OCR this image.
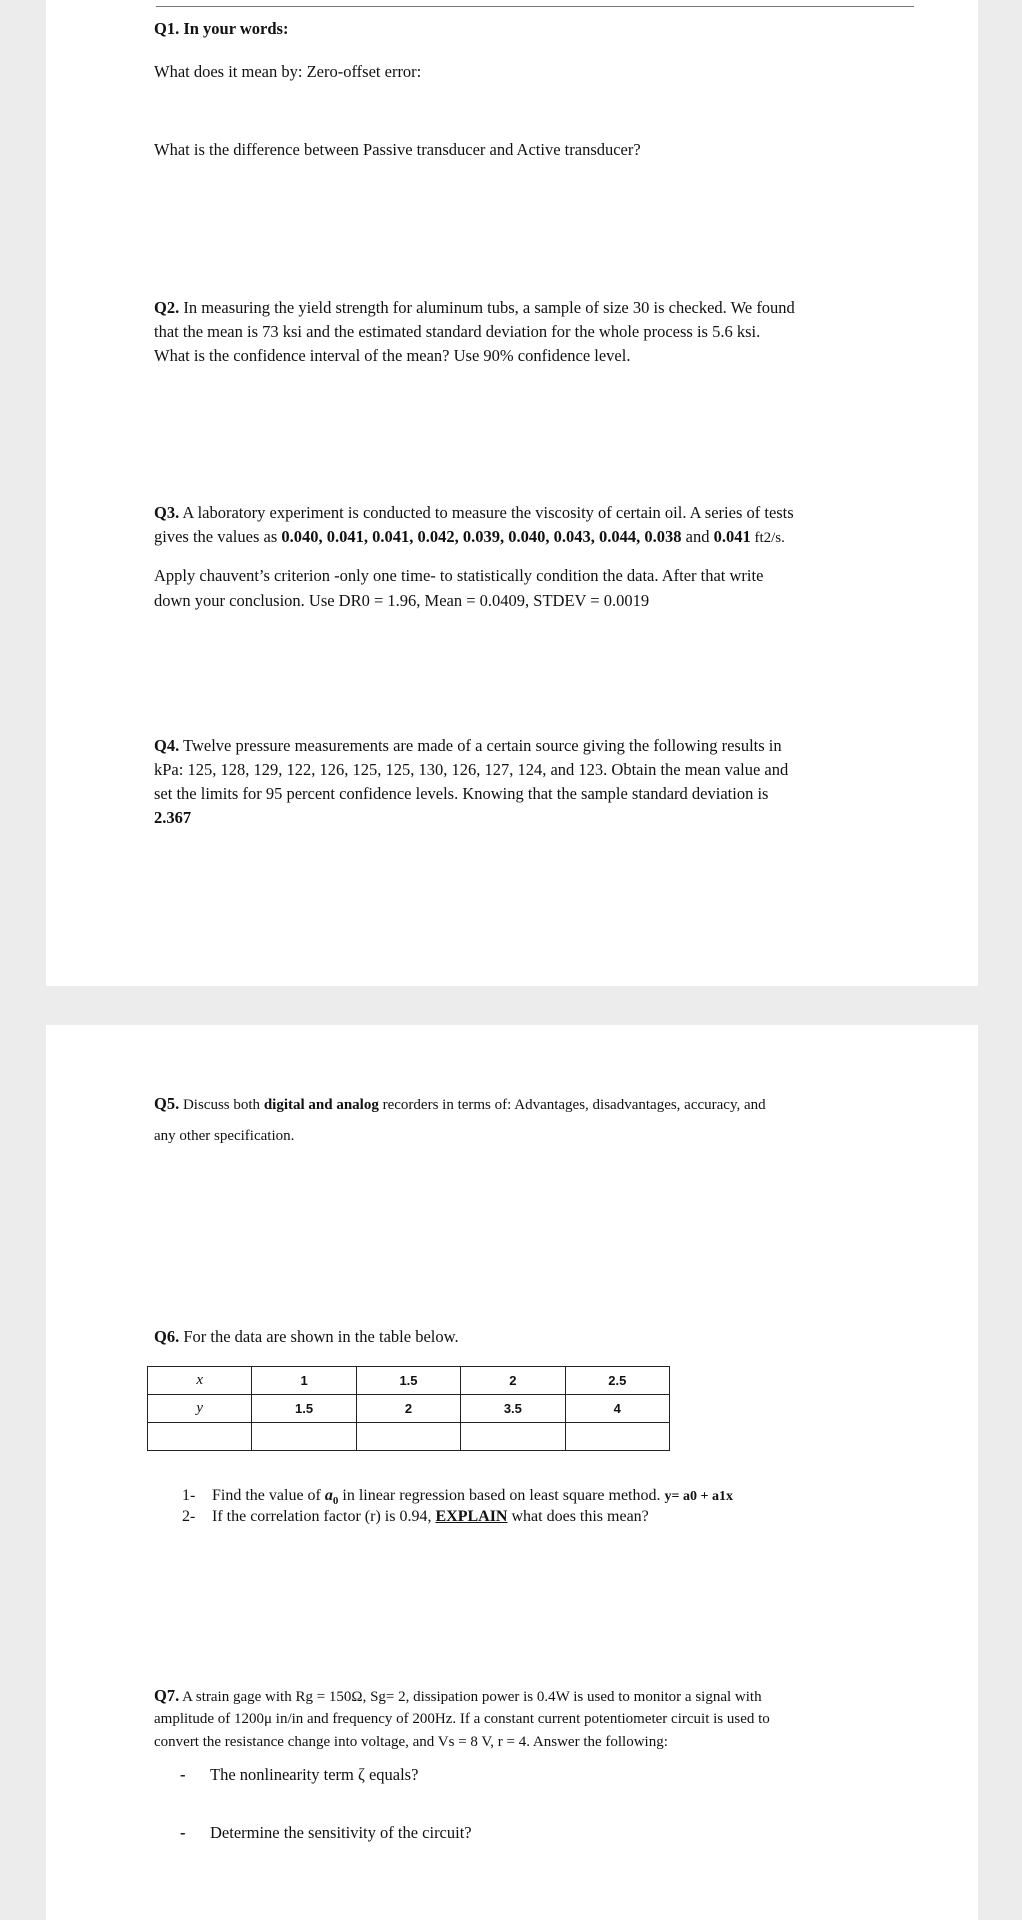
Q1. In your words:

What does it mean by: Zero-offset error:

What is the difference between Passive transducer and Active transducer?

Q2. In measuring the yield strength for aluminum tubs, a sample of size 30 is checked. We found

that the mean is 73 ksi and the estimated standard deviation for the whole process is 5.6 ksi.

What is the confidence interval of the mean? Use 90% confidence level.

Q3. A laboratory experiment is conducted to measure the viscosity of certain oil. A series of tests

gives the values as 0.040, 0.041, 0.041, 0.042, 0.039, 0.040, 0.043, 0.044, 0.038 and 0.041 ft2/s.

Apply chauvent’s criterion -only one time- to statistically condition the data. After that write

down your conclusion. Use DR0 = 1.96, Mean = 0.0409, STDEV = 0.0019

Q4. Twelve pressure measurements are made of a certain source giving the following results in

kPa: 125, 128, 129, 122, 126, 125, 125, 130, 126, 127, 124, and 123. Obtain the mean value and

set the limits for 95 percent confidence levels. Knowing that the sample standard deviation is

2.367

Q5. Discuss both digital and analog recorders in terms of: Advantages, disadvantages, accuracy, and

any other specification.

Q6. For the data are shown in the table below.

x	1	1.5	2	2.5
y	1.5	2	3.5	4

1- Find the value of $a_0$ in linear regression based on least square method. y= a0 + a1x

2- If the correlation factor (r) is 0.94, EXPLAIN what does this mean?

Q7. A strain gage with Rg = 150Ω, Sg= 2, dissipation power is 0.4W is used to monitor a signal with

amplitude of 1200μ in/in and frequency of 200Hz. If a constant current potentiometer circuit is used to

convert the resistance change into voltage, and Vs = 8 V, r = 4. Answer the following:

- The nonlinearity term ζ equals?

- Determine the sensitivity of the circuit?
